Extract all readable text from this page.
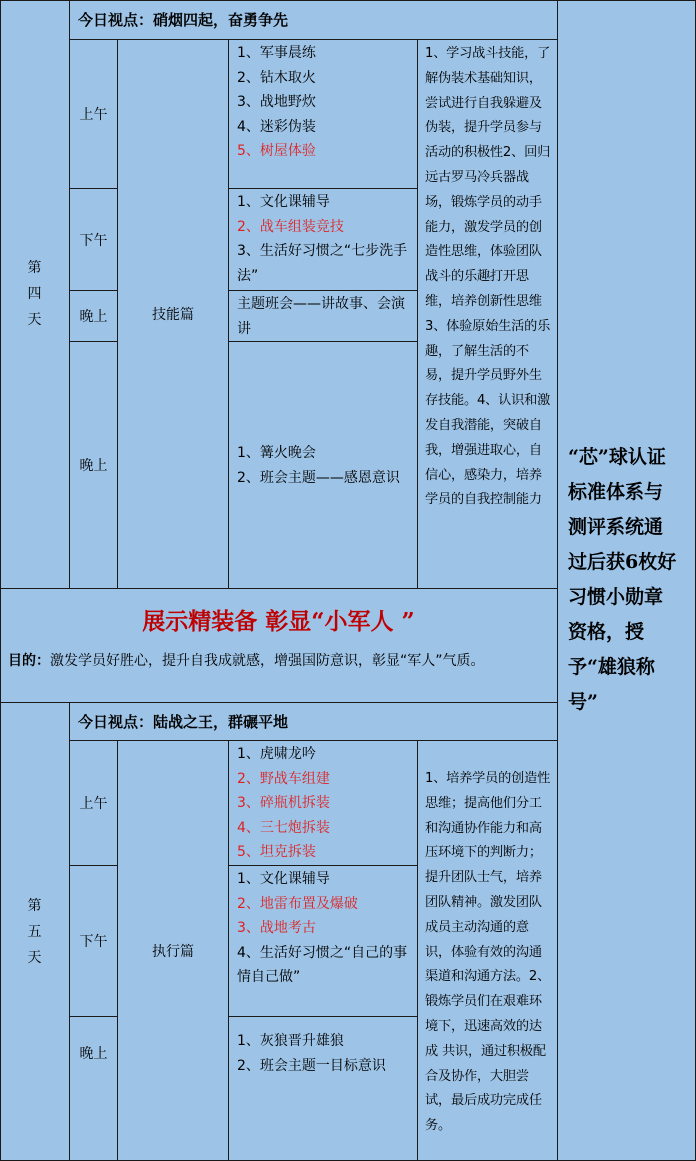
第四天
今日视点：硝烟四起，奋勇争先
上午
下午
晚上
晚上
技能篇
1、军事晨练
2、钻木取火
3、战地野炊
4、迷彩伪装
5、树屋体验
1、文化课辅导
2、战车组装竞技
3、生活好习惯之“七步洗手法”
主题班会——讲故事、会演讲
1、篝火晚会
2、班会主题——感恩意识
1、学习战斗技能，了解伪装术基础知识，尝试进行自我躲避及伪装，提升学员参与活动的积极性2、回归远古罗马冷兵器战场，锻炼学员的动手能力，激发学员的创造性思维，体验团队战斗的乐趣打开思维，培养创新性思维3、体验原始生活的乐趣，了解生活的不易，提升学员野外生存技能。4、认识和激发自我潜能，突破自我，增强进取心，自信心，感染力，培养学员的自我控制能力
展示精装备 彰显“小军人 ”
目的：激发学员好胜心，提升自我成就感，增强国防意识，彰显“军人”气质。
“芯”球认证标准体系与测评系统通过后获6枚好习惯小勋章资格，授予“雄狼称号”
第五天
今日视点：陆战之王，群碾平地
上午
下午
晚上
执行篇
1、虎啸龙吟
2、野战车组建
3、碎瓶机拆装
4、三七炮拆装
5、坦克拆装
1、文化课辅导
2、地雷布置及爆破
3、战地考古
4、生活好习惯之“自己的事情自己做”
1、灰狼晋升雄狼
2、班会主题一目标意识
1、培养学员的创造性思维；提高他们分工和沟通协作能力和高压环境下的判断力；提升团队士气，培养团队精神。激发团队成员主动沟通的意识，体验有效的沟通渠道和沟通方法。2、锻炼学员们在艰难环境下，迅速高效的达成 共识，通过积极配合及协作，大胆尝试，最后成功完成任务。
